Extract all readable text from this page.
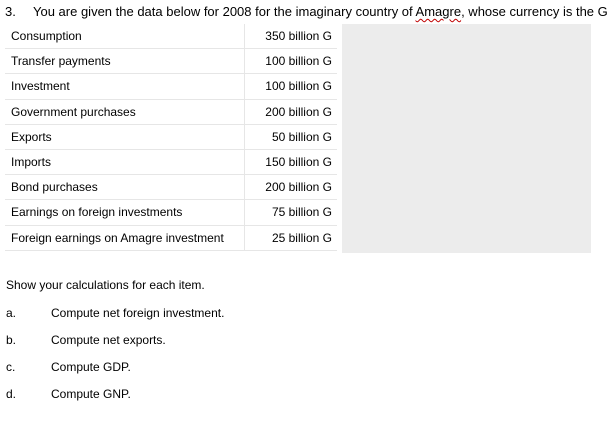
3. You are given the data below for 2008 for the imaginary country of Amagre, whose currency is the G
Consumption	350 billion G
Transfer payments	100 billion G
Investment	100 billion G
Government purchases	200 billion G
Exports	50 billion G
Imports	150 billion G
Bond purchases	200 billion G
Earnings on foreign investments	75 billion G
Foreign earnings on Amagre investment	25 billion G
Show your calculations for each item.
a.	Compute net foreign investment.
b.	Compute net exports.
c.	Compute GDP.
d.	Compute GNP.
